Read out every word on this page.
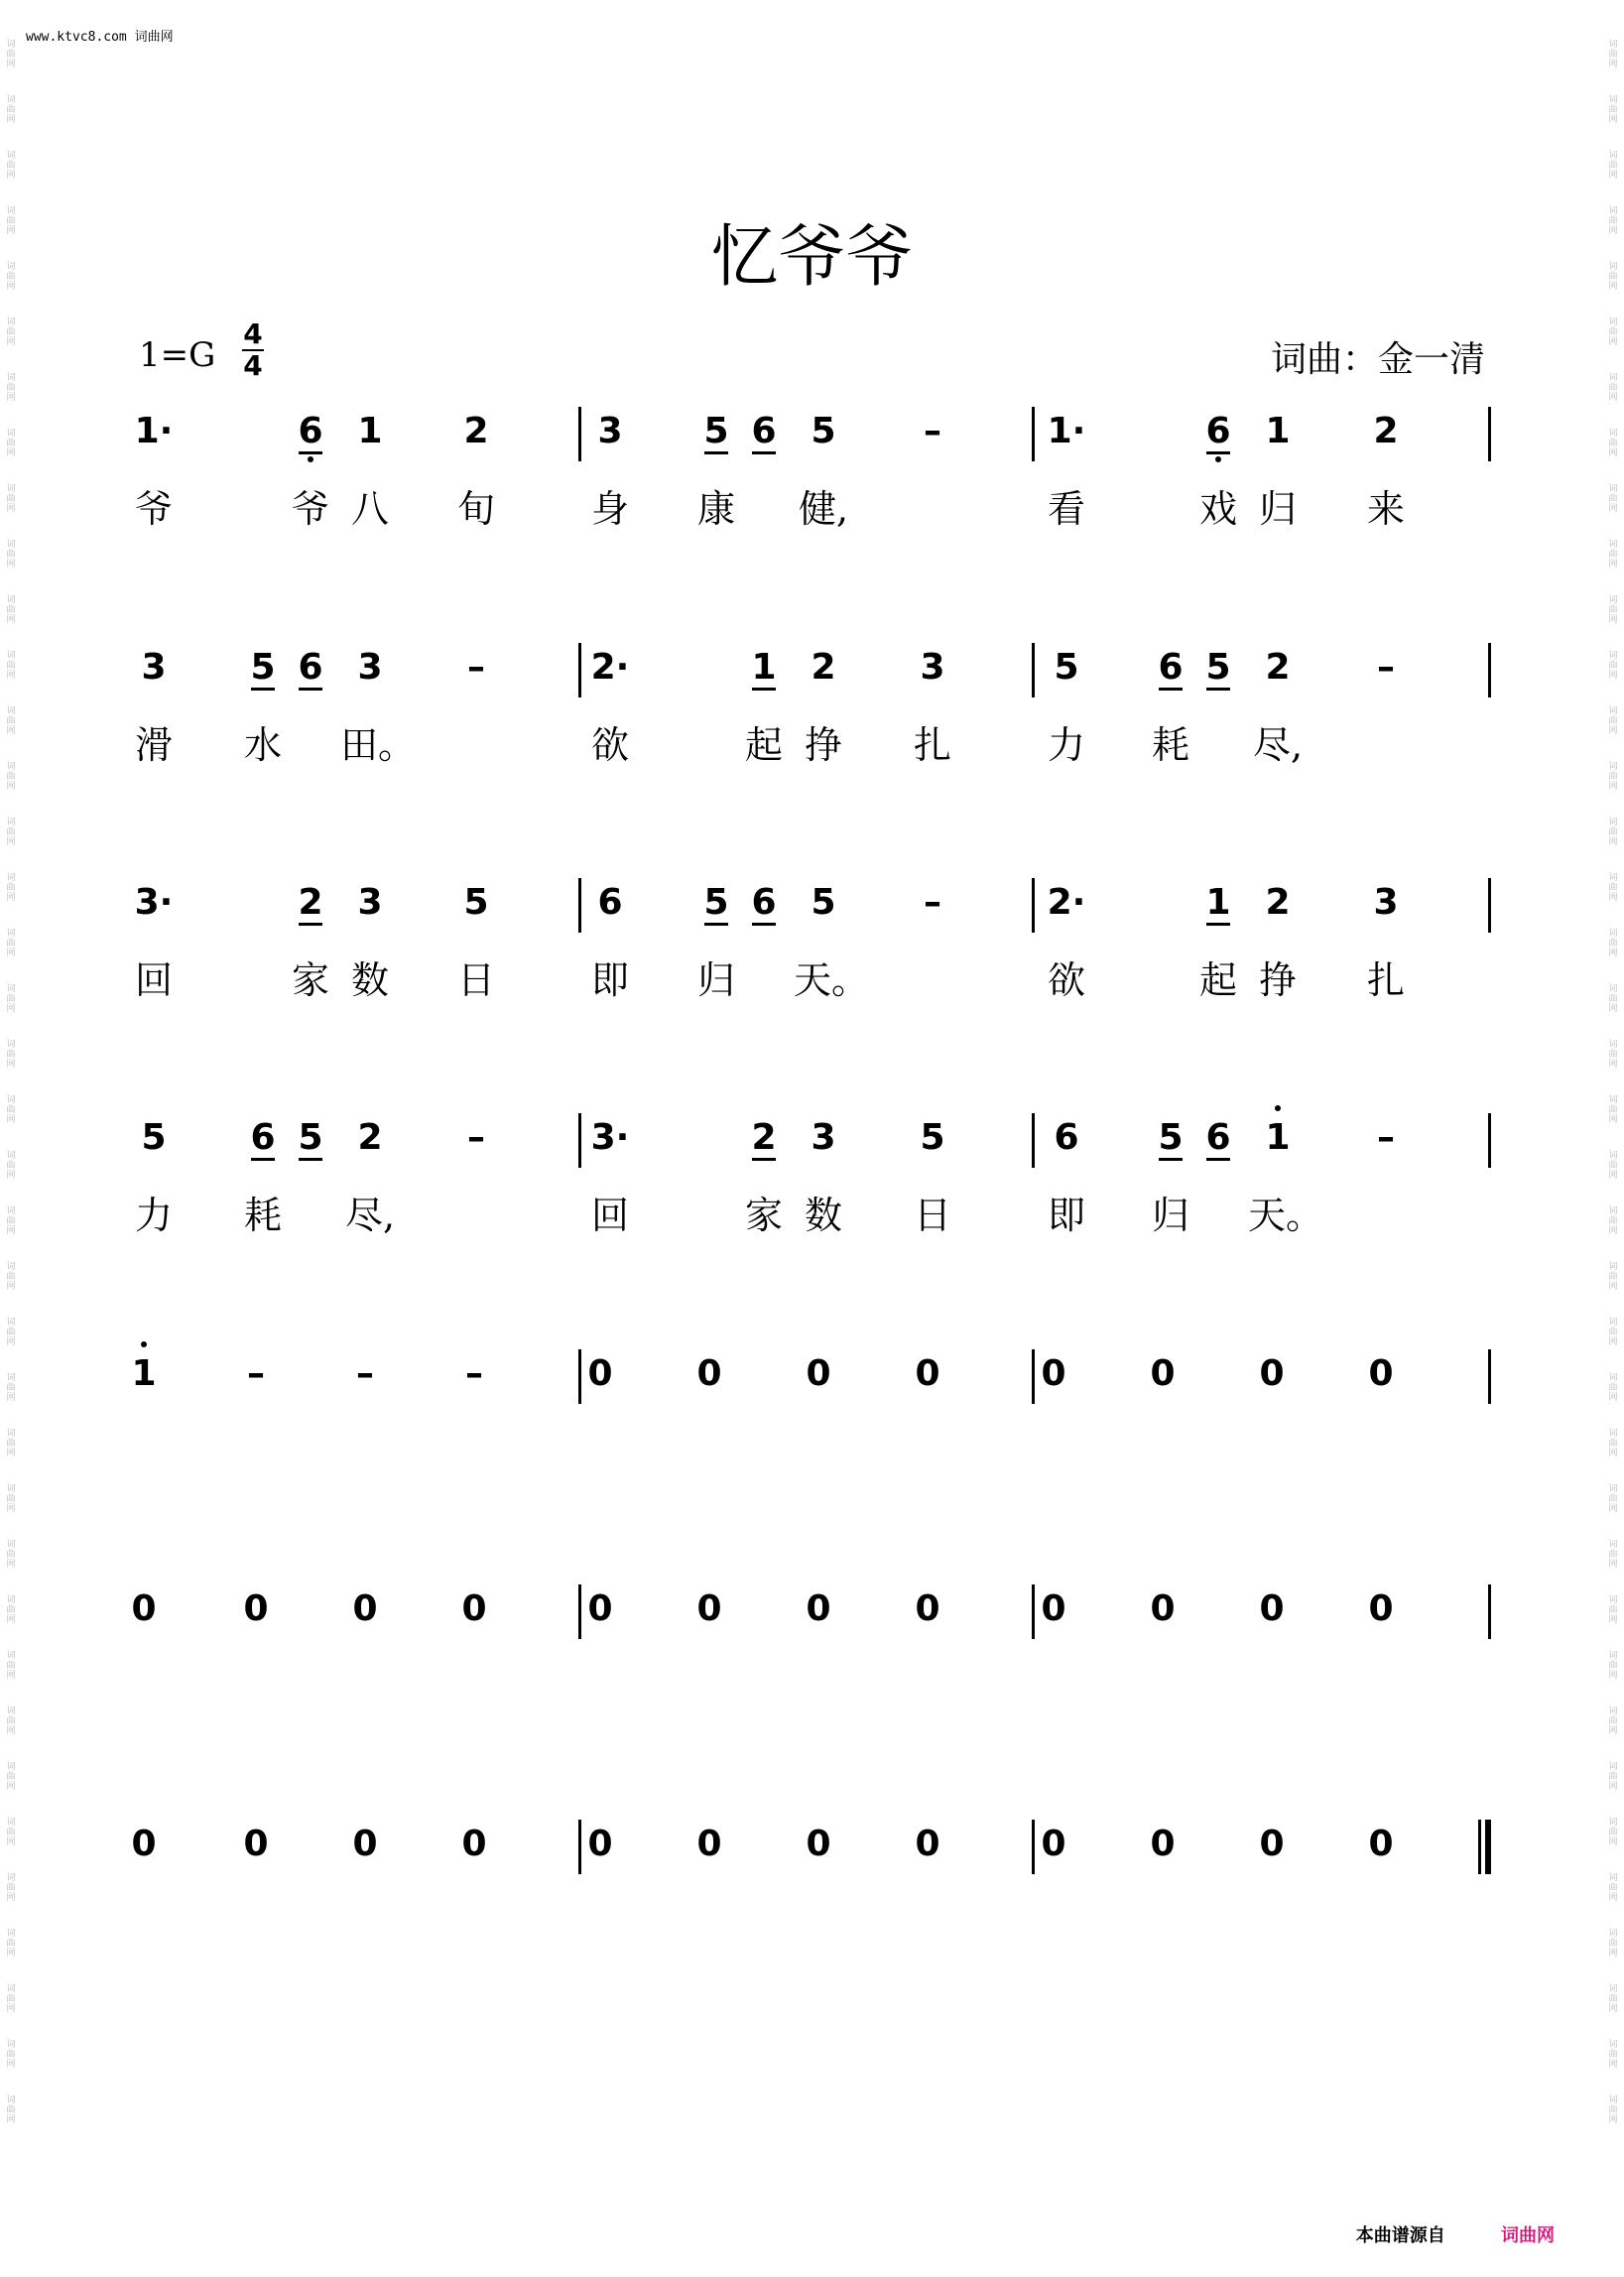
词
曲
网
词
曲
网
词
曲
网
词
曲
网
词
曲
网
词
曲
网
词
曲
网
词
曲
网
词
曲
网
词
曲
网
词
曲
网
词
曲
网
词
曲
网
词
曲
网
词
曲
网
词
曲
网
词
曲
网
词
曲
网
词
曲
网
词
曲
网
词
曲
网
词
曲
网
词
曲
网
词
曲
网
词
曲
网
词
曲
网
词
曲
网
词
曲
网
词
曲
网
词
曲
网
词
曲
网
词
曲
网
词
曲
网
词
曲
网
词
曲
网
词
曲
网
词
曲
网
词
曲
网
词
曲
网
词
曲
网
词
曲
网
词
曲
网
词
曲
网
词
曲
网
词
曲
网
词
曲
网
词
曲
网
词
曲
网
词
曲
网
词
曲
网
词
曲
网
词
曲
网
词
曲
网
词
曲
网
词
曲
网
词
曲
网
词
曲
网
词
曲
网
词
曲
网
词
曲
网
词
曲
网
词
曲
网
词
曲
网
词
曲
网
词
曲
网
词
曲
网
词
曲
网
词
曲
网
词
曲
网
词
曲
网
词
曲
网
词
曲
网
词
曲
网
词
曲
网
词
曲
网
词
曲
网
www.ktvc8.com 词曲网
忆爷爷
1=G
4
4	词曲：金一清
1·	6 1	2	3	5 6 5	–	1·	6 1	2
爷	爷 八 旬	身 康 健,	看	戏 归 来
3	5 6 3	–	2·	1 2	3	5	6 5 2	–
滑 水 田。	欲	起 挣 扎	力 耗 尽,
3·	2 3	5	6	5 6 5	–	2·	1 2	3
回	家 数 日	即 归 天。	欲	起 挣 扎
5	6 5 2	–	3·	2 3	5	6	5 6 1	–
力 耗 尽,	回	家 数 日	即 归 天。
1	–	–	–	0	0	0	0	0	0	0	0
0	0	0	0	0	0	0	0	0	0	0	0
0	0	0	0	0	0	0	0	0	0	0	0
本曲谱源自	词曲网
